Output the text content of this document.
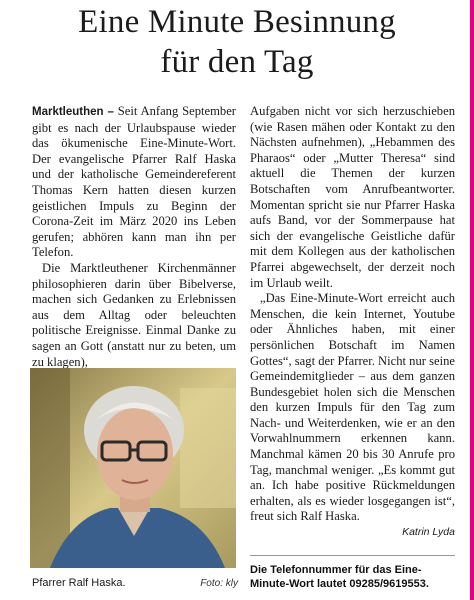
Eine Minute Besinnung
für den Tag

Marktleuthen – Seit Anfang September gibt es nach der Urlaubspause wieder das ökumenische Eine-Minute-Wort. Der evangelische Pfarrer Ralf Haska und der katholische Gemeindereferent Thomas Kern hatten diesen kurzen geistlichen Impuls zu Beginn der Corona-Zeit im März 2020 ins Leben gerufen; abhören kann man ihn per Telefon.

Die Marktleuthener Kirchenmänner philosophieren darin über Bibelverse, machen sich Gedanken zu Erlebnissen aus dem Alltag oder beleuchten politische Ereignisse. Einmal Danke zu sagen an Gott (anstatt nur zu beten, um zu klagen),

Pfarrer Ralf Haska.	Foto: kly

Aufgaben nicht vor sich herzuschieben (wie Rasen mähen oder Kontakt zu den Nächsten aufnehmen), „Hebammen des Pharaos“ oder „Mutter Theresa“ sind aktuell die Themen der kurzen Botschaften vom Anrufbeantworter. Momentan spricht sie nur Pfarrer Haska aufs Band, vor der Sommerpause hat sich der evangelische Geistliche dafür mit dem Kollegen aus der katholischen Pfarrei abgewechselt, der derzeit noch im Urlaub weilt.

„Das Eine-Minute-Wort erreicht auch Menschen, die kein Internet, Youtube oder Ähnliches haben, mit einer persönlichen Botschaft im Namen Gottes“, sagt der Pfarrer. Nicht nur seine Gemeindemitglieder – aus dem ganzen Bundesgebiet holen sich die Menschen den kurzen Impuls für den Tag zum Nach- und Weiterdenken, wie er an den Vorwahlnummern erkennen kann. Manchmal kämen 20 bis 30 Anrufe pro Tag, manchmal weniger. „Es kommt gut an. Ich habe positive Rückmeldungen erhalten, als es wieder losgegangen ist“, freut sich Ralf Haska.

Katrin Lyda
Die Telefonnummer für das Eine-Minute-Wort lautet 09285/9619553.
